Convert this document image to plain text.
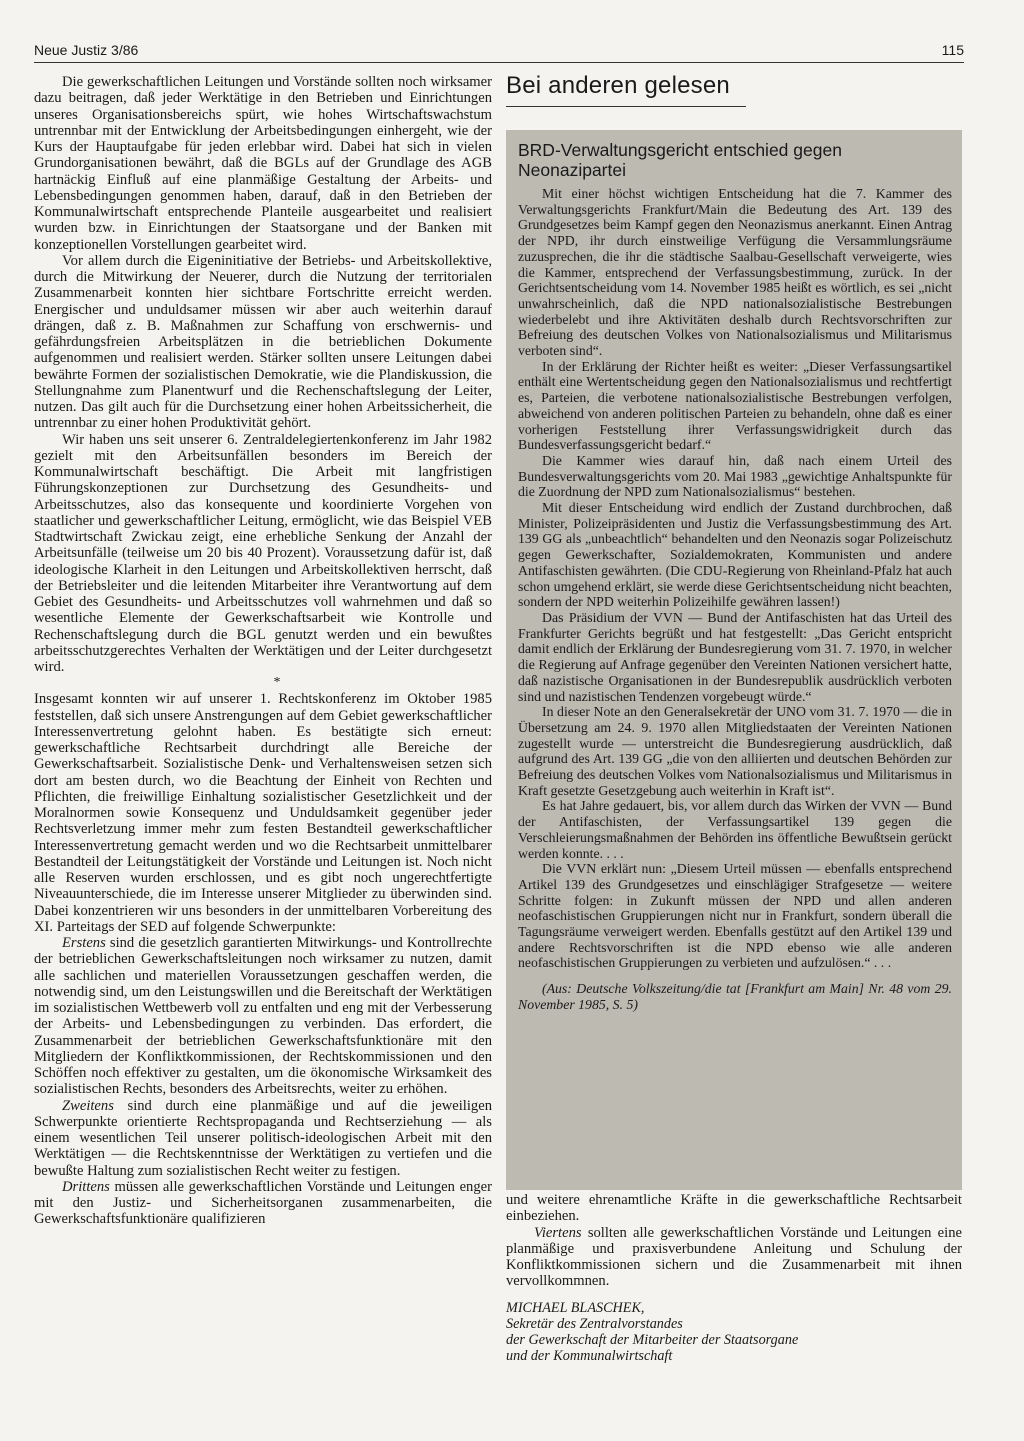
Neue Justiz 3/86	115

Die gewerkschaftlichen Leitungen und Vorstände sollten noch wirksamer dazu beitragen, daß jeder Werktätige in den Betrieben und Einrichtungen unseres Organisationsbereichs spürt, wie hohes Wirtschaftswachstum untrennbar mit der Entwicklung der Arbeitsbedingungen einhergeht, wie der Kurs der Hauptaufgabe für jeden erlebbar wird. Dabei hat sich in vielen Grundorganisationen bewährt, daß die BGLs auf der Grundlage des AGB hartnäckig Einfluß auf eine planmäßige Gestaltung der Arbeits- und Lebensbedingungen genommen haben, darauf, daß in den Betrieben der Kommunalwirtschaft entsprechende Planteile ausgearbeitet und realisiert wurden bzw. in Einrichtungen der Staatsorgane und der Banken mit konzeptionellen Vorstellungen gearbeitet wird.

Vor allem durch die Eigeninitiative der Betriebs- und Arbeitskollektive, durch die Mitwirkung der Neuerer, durch die Nutzung der territorialen Zusammenarbeit konnten hier sichtbare Fortschritte erreicht werden. Energischer und unduldsamer müssen wir aber auch weiterhin darauf drängen, daß z. B. Maßnahmen zur Schaffung von erschwernis- und gefährdungsfreien Arbeitsplätzen in die betrieblichen Dokumente aufgenommen und realisiert werden. Stärker sollten unsere Leitungen dabei bewährte Formen der sozialistischen Demokratie, wie die Plandiskussion, die Stellungnahme zum Planentwurf und die Rechenschaftslegung der Leiter, nutzen. Das gilt auch für die Durchsetzung einer hohen Arbeitssicherheit, die untrennbar zu einer hohen Produktivität gehört.

Wir haben uns seit unserer 6. Zentraldelegiertenkonferenz im Jahr 1982 gezielt mit den Arbeitsunfällen besonders im Bereich der Kommunalwirtschaft beschäftigt. Die Arbeit mit langfristigen Führungskonzeptionen zur Durchsetzung des Gesundheits- und Arbeitsschutzes, also das konsequente und koordinierte Vorgehen von staatlicher und gewerkschaftlicher Leitung, ermöglicht, wie das Beispiel VEB Stadtwirtschaft Zwickau zeigt, eine erhebliche Senkung der Anzahl der Arbeitsunfälle (teilweise um 20 bis 40 Prozent). Voraussetzung dafür ist, daß ideologische Klarheit in den Leitungen und Arbeitskollektiven herrscht, daß der Betriebsleiter und die leitenden Mitarbeiter ihre Verantwortung auf dem Gebiet des Gesundheits- und Arbeitsschutzes voll wahrnehmen und daß so wesentliche Elemente der Gewerkschaftsarbeit wie Kontrolle und Rechenschaftslegung durch die BGL genutzt werden und ein bewußtes arbeitsschutzgerechtes Verhalten der Werktätigen und der Leiter durchgesetzt wird.

*

Insgesamt konnten wir auf unserer 1. Rechtskonferenz im Oktober 1985 feststellen, daß sich unsere Anstrengungen auf dem Gebiet gewerkschaftlicher Interessenvertretung gelohnt haben. Es bestätigte sich erneut: gewerkschaftliche Rechtsarbeit durchdringt alle Bereiche der Gewerkschaftsarbeit. Sozialistische Denk- und Verhaltensweisen setzen sich dort am besten durch, wo die Beachtung der Einheit von Rechten und Pflichten, die freiwillige Einhaltung sozialistischer Gesetzlichkeit und der Moralnormen sowie Konsequenz und Unduldsamkeit gegenüber jeder Rechtsverletzung immer mehr zum festen Bestandteil gewerkschaftlicher Interessenvertretung gemacht werden und wo die Rechtsarbeit unmittelbarer Bestandteil der Leitungstätigkeit der Vorstände und Leitungen ist. Noch nicht alle Reserven wurden erschlossen, und es gibt noch ungerechtfertigte Niveauunterschiede, die im Interesse unserer Mitglieder zu überwinden sind. Dabei konzentrieren wir uns besonders in der unmittelbaren Vorbereitung des XI. Parteitags der SED auf folgende Schwerpunkte:

Erstens sind die gesetzlich garantierten Mitwirkungs- und Kontrollrechte der betrieblichen Gewerkschaftsleitungen noch wirksamer zu nutzen, damit alle sachlichen und materiellen Voraussetzungen geschaffen werden, die notwendig sind, um den Leistungswillen und die Bereitschaft der Werktätigen im sozialistischen Wettbewerb voll zu entfalten und eng mit der Verbesserung der Arbeits- und Lebensbedingungen zu verbinden. Das erfordert, die Zusammenarbeit der betrieblichen Gewerkschaftsfunktionäre mit den Mitgliedern der Konfliktkommissionen, der Rechtskommissionen und den Schöffen noch effektiver zu gestalten, um die ökonomische Wirksamkeit des sozialistischen Rechts, besonders des Arbeitsrechts, weiter zu erhöhen.

Zweitens sind durch eine planmäßige und auf die jeweiligen Schwerpunkte orientierte Rechtspropaganda und Rechtserziehung — als einem wesentlichen Teil unserer politisch-ideologischen Arbeit mit den Werktätigen — die Rechtskenntnisse der Werktätigen zu vertiefen und die bewußte Haltung zum sozialistischen Recht weiter zu festigen.

Drittens müssen alle gewerkschaftlichen Vorstände und Leitungen enger mit den Justiz- und Sicherheitsorganen zusammenarbeiten, die Gewerkschaftsfunktionäre qualifizieren

Bei anderen gelesen
BRD-Verwaltungsgericht entschied gegen Neonazipartei

Mit einer höchst wichtigen Entscheidung hat die 7. Kammer des Verwaltungsgerichts Frankfurt/Main die Bedeutung des Art. 139 des Grundgesetzes beim Kampf gegen den Neonazismus anerkannt. Einen Antrag der NPD, ihr durch einstweilige Verfügung die Versammlungsräume zuzusprechen, die ihr die städtische Saalbau-Gesellschaft verweigerte, wies die Kammer, entsprechend der Verfassungsbestimmung, zurück. In der Gerichtsentscheidung vom 14. November 1985 heißt es wörtlich, es sei „nicht unwahrscheinlich, daß die NPD nationalsozialistische Bestrebungen wiederbelebt und ihre Aktivitäten deshalb durch Rechtsvorschriften zur Befreiung des deutschen Volkes von Nationalsozialismus und Militarismus verboten sind“.

In der Erklärung der Richter heißt es weiter: „Dieser Verfassungsartikel enthält eine Wertentscheidung gegen den Nationalsozialismus und rechtfertigt es, Parteien, die verbotene nationalsozialistische Bestrebungen verfolgen, abweichend von anderen politischen Parteien zu behandeln, ohne daß es einer vorherigen Feststellung ihrer Verfassungswidrigkeit durch das Bundesverfassungsgericht bedarf.“

Die Kammer wies darauf hin, daß nach einem Urteil des Bundesverwaltungsgerichts vom 20. Mai 1983 „gewichtige Anhaltspunkte für die Zuordnung der NPD zum Nationalsozialismus“ bestehen.

Mit dieser Entscheidung wird endlich der Zustand durchbrochen, daß Minister, Polizeipräsidenten und Justiz die Verfassungsbestimmung des Art. 139 GG als „unbeachtlich“ behandelten und den Neonazis sogar Polizeischutz gegen Gewerkschafter, Sozialdemokraten, Kommunisten und andere Antifaschisten gewährten. (Die CDU-Regierung von Rheinland-Pfalz hat auch schon umgehend erklärt, sie werde diese Gerichtsentscheidung nicht beachten, sondern der NPD weiterhin Polizeihilfe gewähren lassen!)

Das Präsidium der VVN — Bund der Antifaschisten hat das Urteil des Frankfurter Gerichts begrüßt und hat festgestellt: „Das Gericht entspricht damit endlich der Erklärung der Bundesregierung vom 31. 7. 1970, in welcher die Regierung auf Anfrage gegenüber den Vereinten Nationen versichert hatte, daß nazistische Organisationen in der Bundesrepublik ausdrücklich verboten sind und nazistischen Tendenzen vorgebeugt würde.“

In dieser Note an den Generalsekretär der UNO vom 31. 7. 1970 — die in Übersetzung am 24. 9. 1970 allen Mitgliedstaaten der Vereinten Nationen zugestellt wurde — unterstreicht die Bundesregierung ausdrücklich, daß aufgrund des Art. 139 GG „die von den alliierten und deutschen Behörden zur Befreiung des deutschen Volkes vom Nationalsozialismus und Militarismus in Kraft gesetzte Gesetzgebung auch weiterhin in Kraft ist“.

Es hat Jahre gedauert, bis, vor allem durch das Wirken der VVN — Bund der Antifaschisten, der Verfassungsartikel 139 gegen die Verschleierungsmaßnahmen der Behörden ins öffentliche Bewußtsein gerückt werden konnte. . . .

Die VVN erklärt nun: „Diesem Urteil müssen — ebenfalls entsprechend Artikel 139 des Grundgesetzes und einschlägiger Strafgesetze — weitere Schritte folgen: in Zukunft müssen der NPD und allen anderen neofaschistischen Gruppierungen nicht nur in Frankfurt, sondern überall die Tagungsräume verweigert werden. Ebenfalls gestützt auf den Artikel 139 und andere Rechtsvorschriften ist die NPD ebenso wie alle anderen neofaschistischen Gruppierungen zu verbieten und aufzulösen.“ . . .

(Aus: Deutsche Volkszeitung/die tat [Frankfurt am Main] Nr. 48 vom 29. November 1985, S. 5)

und weitere ehrenamtliche Kräfte in die gewerkschaftliche Rechtsarbeit einbeziehen.

Viertens sollten alle gewerkschaftlichen Vorstände und Leitungen eine planmäßige und praxisverbundene Anleitung und Schulung der Konfliktkommissionen sichern und die Zusammenarbeit mit ihnen vervollkommnen.

MICHAEL BLASCHEK,
Sekretär des Zentralvorstandes
der Gewerkschaft der Mitarbeiter der Staatsorgane
und der Kommunalwirtschaft
